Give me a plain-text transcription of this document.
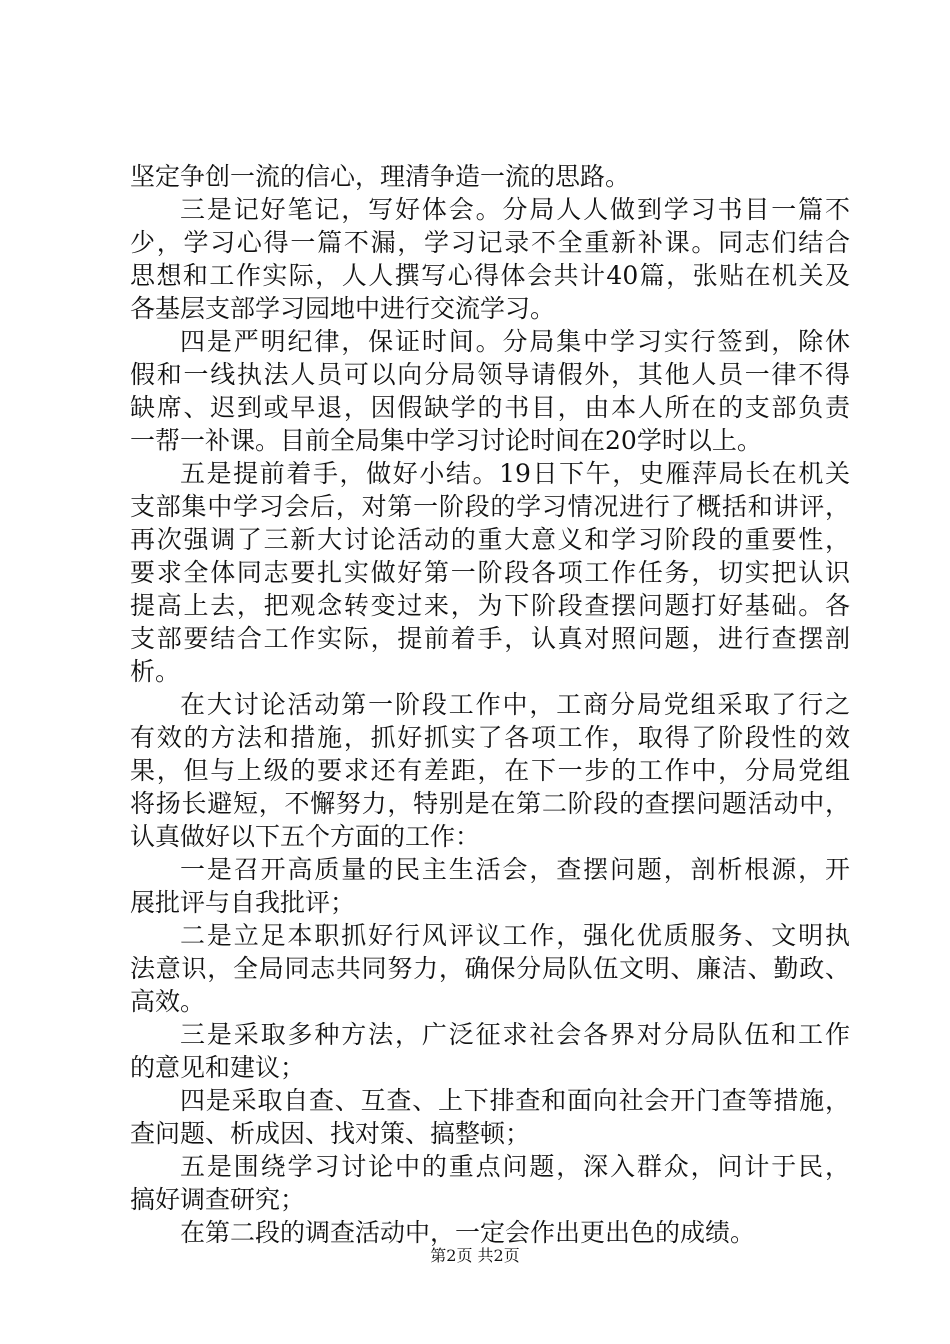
坚定争创一流的信心，理清争造一流的思路。
三是记好笔记，写好体会。分局人人做到学习书目一篇不
少，学习心得一篇不漏，学习记录不全重新补课。同志们结合
思想和工作实际，人人撰写心得体会共计40篇，张贴在机关及
各基层支部学习园地中进行交流学习。
四是严明纪律，保证时间。分局集中学习实行签到，除休
假和一线执法人员可以向分局领导请假外，其他人员一律不得
缺席、迟到或早退，因假缺学的书目，由本人所在的支部负责
一帮一补课。目前全局集中学习讨论时间在20学时以上。
五是提前着手，做好小结。19日下午，史雁萍局长在机关
支部集中学习会后，对第一阶段的学习情况进行了概括和讲评，
再次强调了三新大讨论活动的重大意义和学习阶段的重要性，
要求全体同志要扎实做好第一阶段各项工作任务，切实把认识
提高上去，把观念转变过来，为下阶段查摆问题打好基础。各
支部要结合工作实际，提前着手，认真对照问题，进行查摆剖
析。
在大讨论活动第一阶段工作中，工商分局党组采取了行之
有效的方法和措施，抓好抓实了各项工作，取得了阶段性的效
果，但与上级的要求还有差距，在下一步的工作中，分局党组
将扬长避短，不懈努力，特别是在第二阶段的查摆问题活动中，
认真做好以下五个方面的工作：
一是召开高质量的民主生活会，查摆问题，剖析根源，开
展批评与自我批评；
二是立足本职抓好行风评议工作，强化优质服务、文明执
法意识，全局同志共同努力，确保分局队伍文明、廉洁、勤政、
高效。
三是采取多种方法，广泛征求社会各界对分局队伍和工作
的意见和建议；
四是采取自查、互查、上下排查和面向社会开门查等措施，
查问题、析成因、找对策、搞整顿；
五是围绕学习讨论中的重点问题，深入群众，问计于民，
搞好调查研究；
在第二段的调查活动中，一定会作出更出色的成绩。
第2页 共2页
